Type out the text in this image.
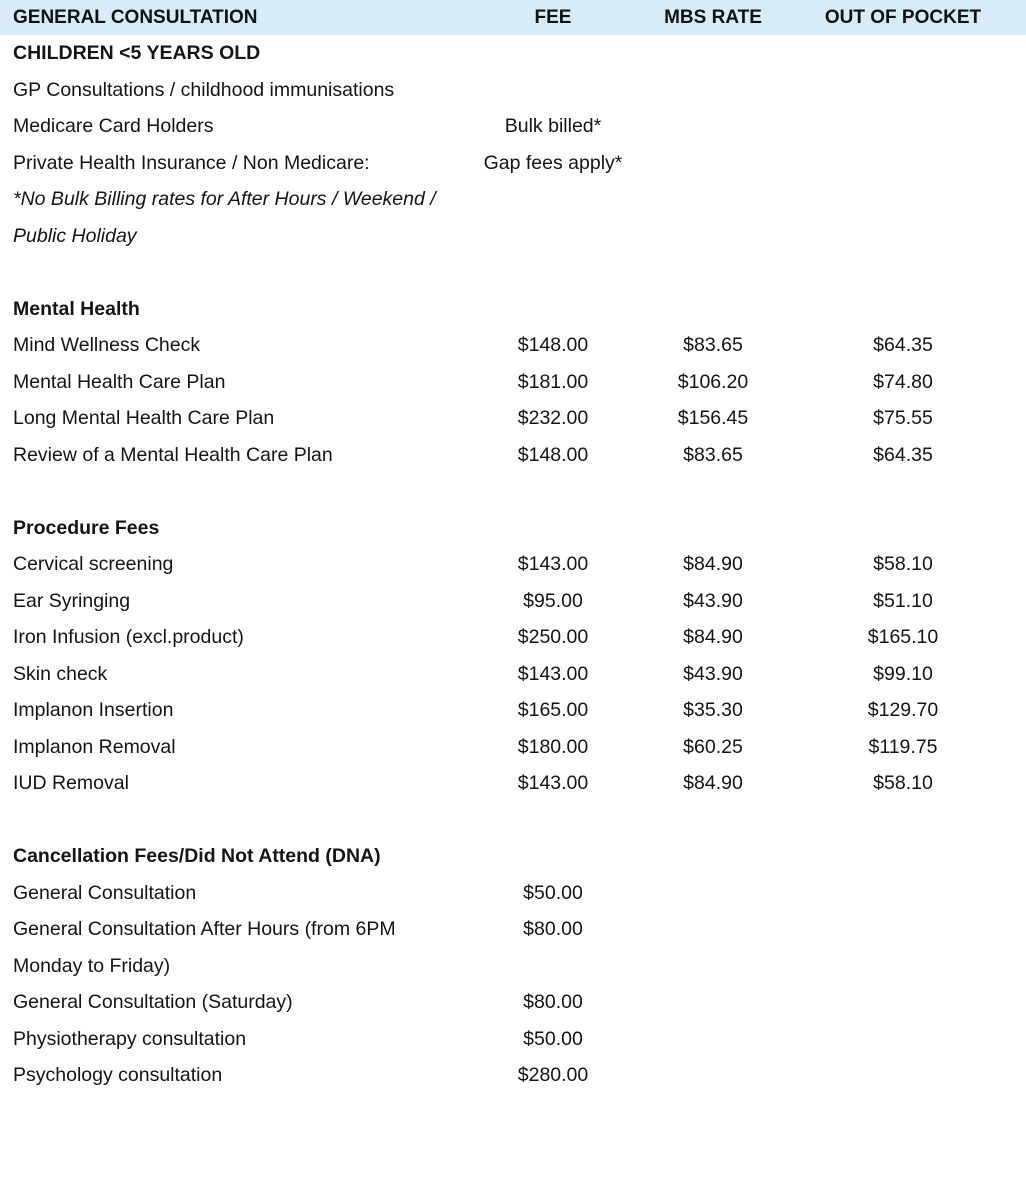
GENERAL CONSULTATION	FEE	MBS RATE	OUT OF POCKET
CHILDREN <5 YEARS OLD
GP Consultations / childhood immunisations
Medicare Card Holders	Bulk billed*
Private Health Insurance / Non Medicare:	Gap fees apply*
*No Bulk Billing rates for After Hours / Weekend /
Public Holiday
Mental Health
Mind Wellness Check	$148.00	$83.65	$64.35
Mental Health Care Plan	$181.00	$106.20	$74.80
Long Mental Health Care Plan	$232.00	$156.45	$75.55
Review of a Mental Health Care Plan	$148.00	$83.65	$64.35
Procedure Fees
Cervical screening	$143.00	$84.90	$58.10
Ear Syringing	$95.00	$43.90	$51.10
Iron Infusion (excl.product)	$250.00	$84.90	$165.10
Skin check	$143.00	$43.90	$99.10
Implanon Insertion	$165.00	$35.30	$129.70
Implanon Removal	$180.00	$60.25	$119.75
IUD Removal	$143.00	$84.90	$58.10
Cancellation Fees/Did Not Attend (DNA)
General Consultation	$50.00
General Consultation After Hours (from 6PM	$80.00
Monday to Friday)
General Consultation (Saturday)	$80.00
Physiotherapy consultation	$50.00
Psychology consultation	$280.00
